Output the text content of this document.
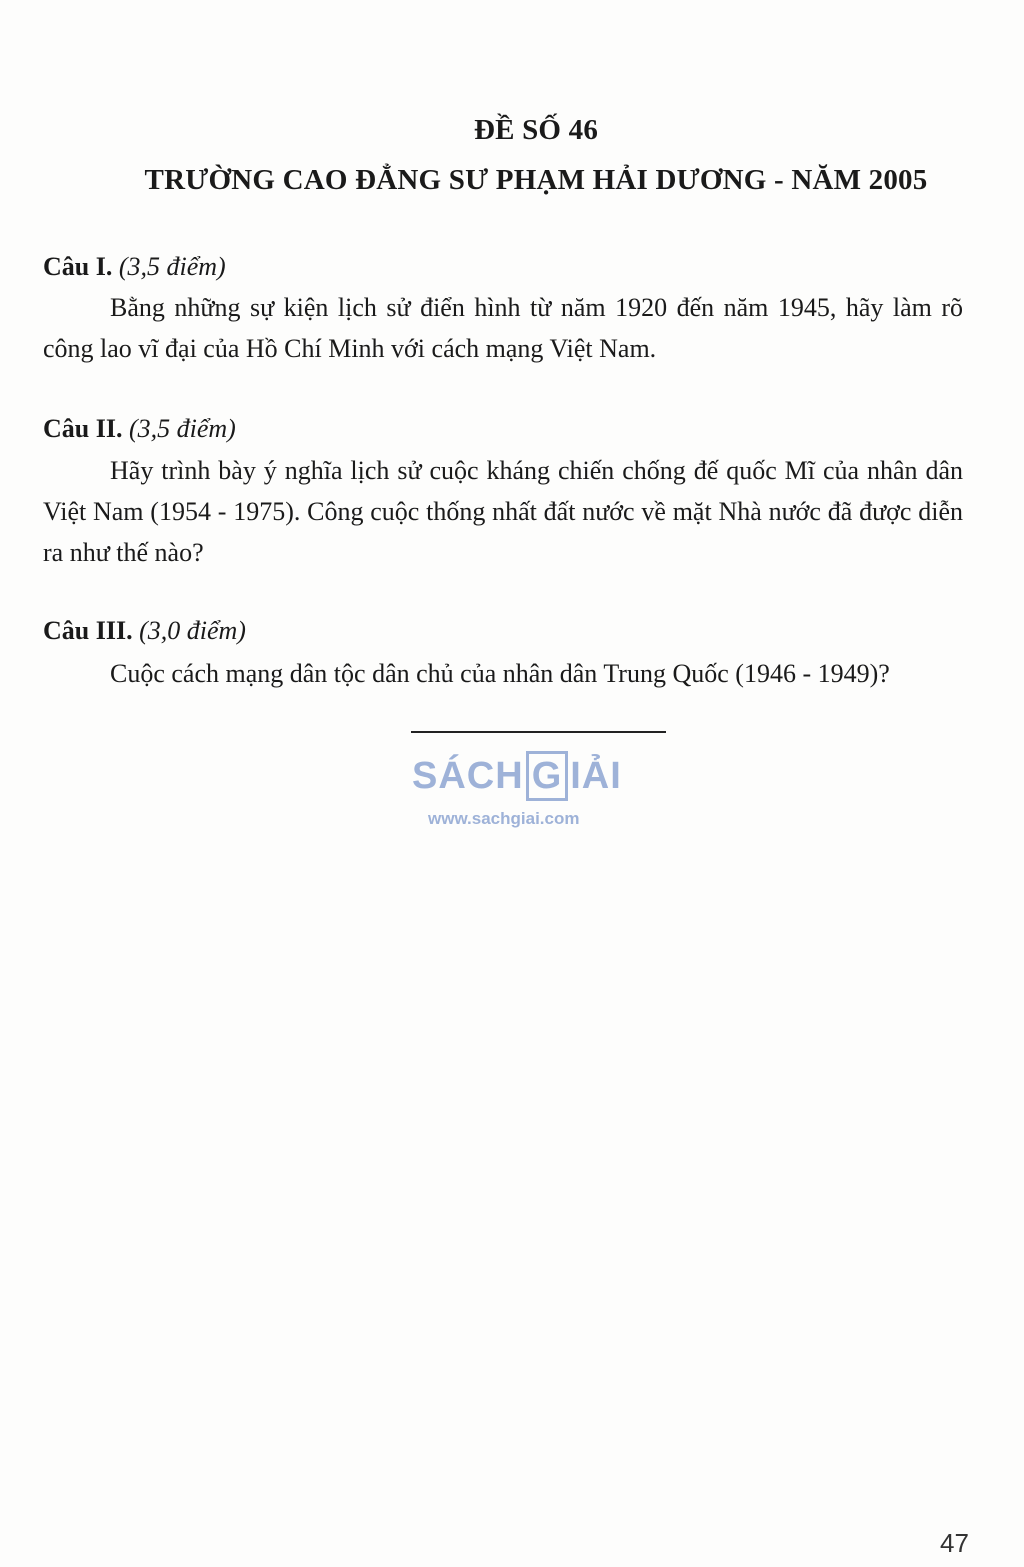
ĐỀ SỐ 46
TRƯỜNG CAO ĐẲNG SƯ PHẠM HẢI DƯƠNG - NĂM 2005
Câu I. (3,5 điểm)

Bằng những sự kiện lịch sử điển hình từ năm 1920 đến năm 1945, hãy làm rõ công lao vĩ đại của Hồ Chí Minh với cách mạng Việt Nam.

Câu II. (3,5 điểm)

Hãy trình bày ý nghĩa lịch sử cuộc kháng chiến chống đế quốc Mĩ của nhân dân Việt Nam (1954 - 1975). Công cuộc thống nhất đất nước về mặt Nhà nước đã được diễn ra như thế nào?

Câu III. (3,0 điểm)

Cuộc cách mạng dân tộc dân chủ của nhân dân Trung Quốc (1946 - 1949)?

SÁCH G IẢI
www.sachgiai.com
47
